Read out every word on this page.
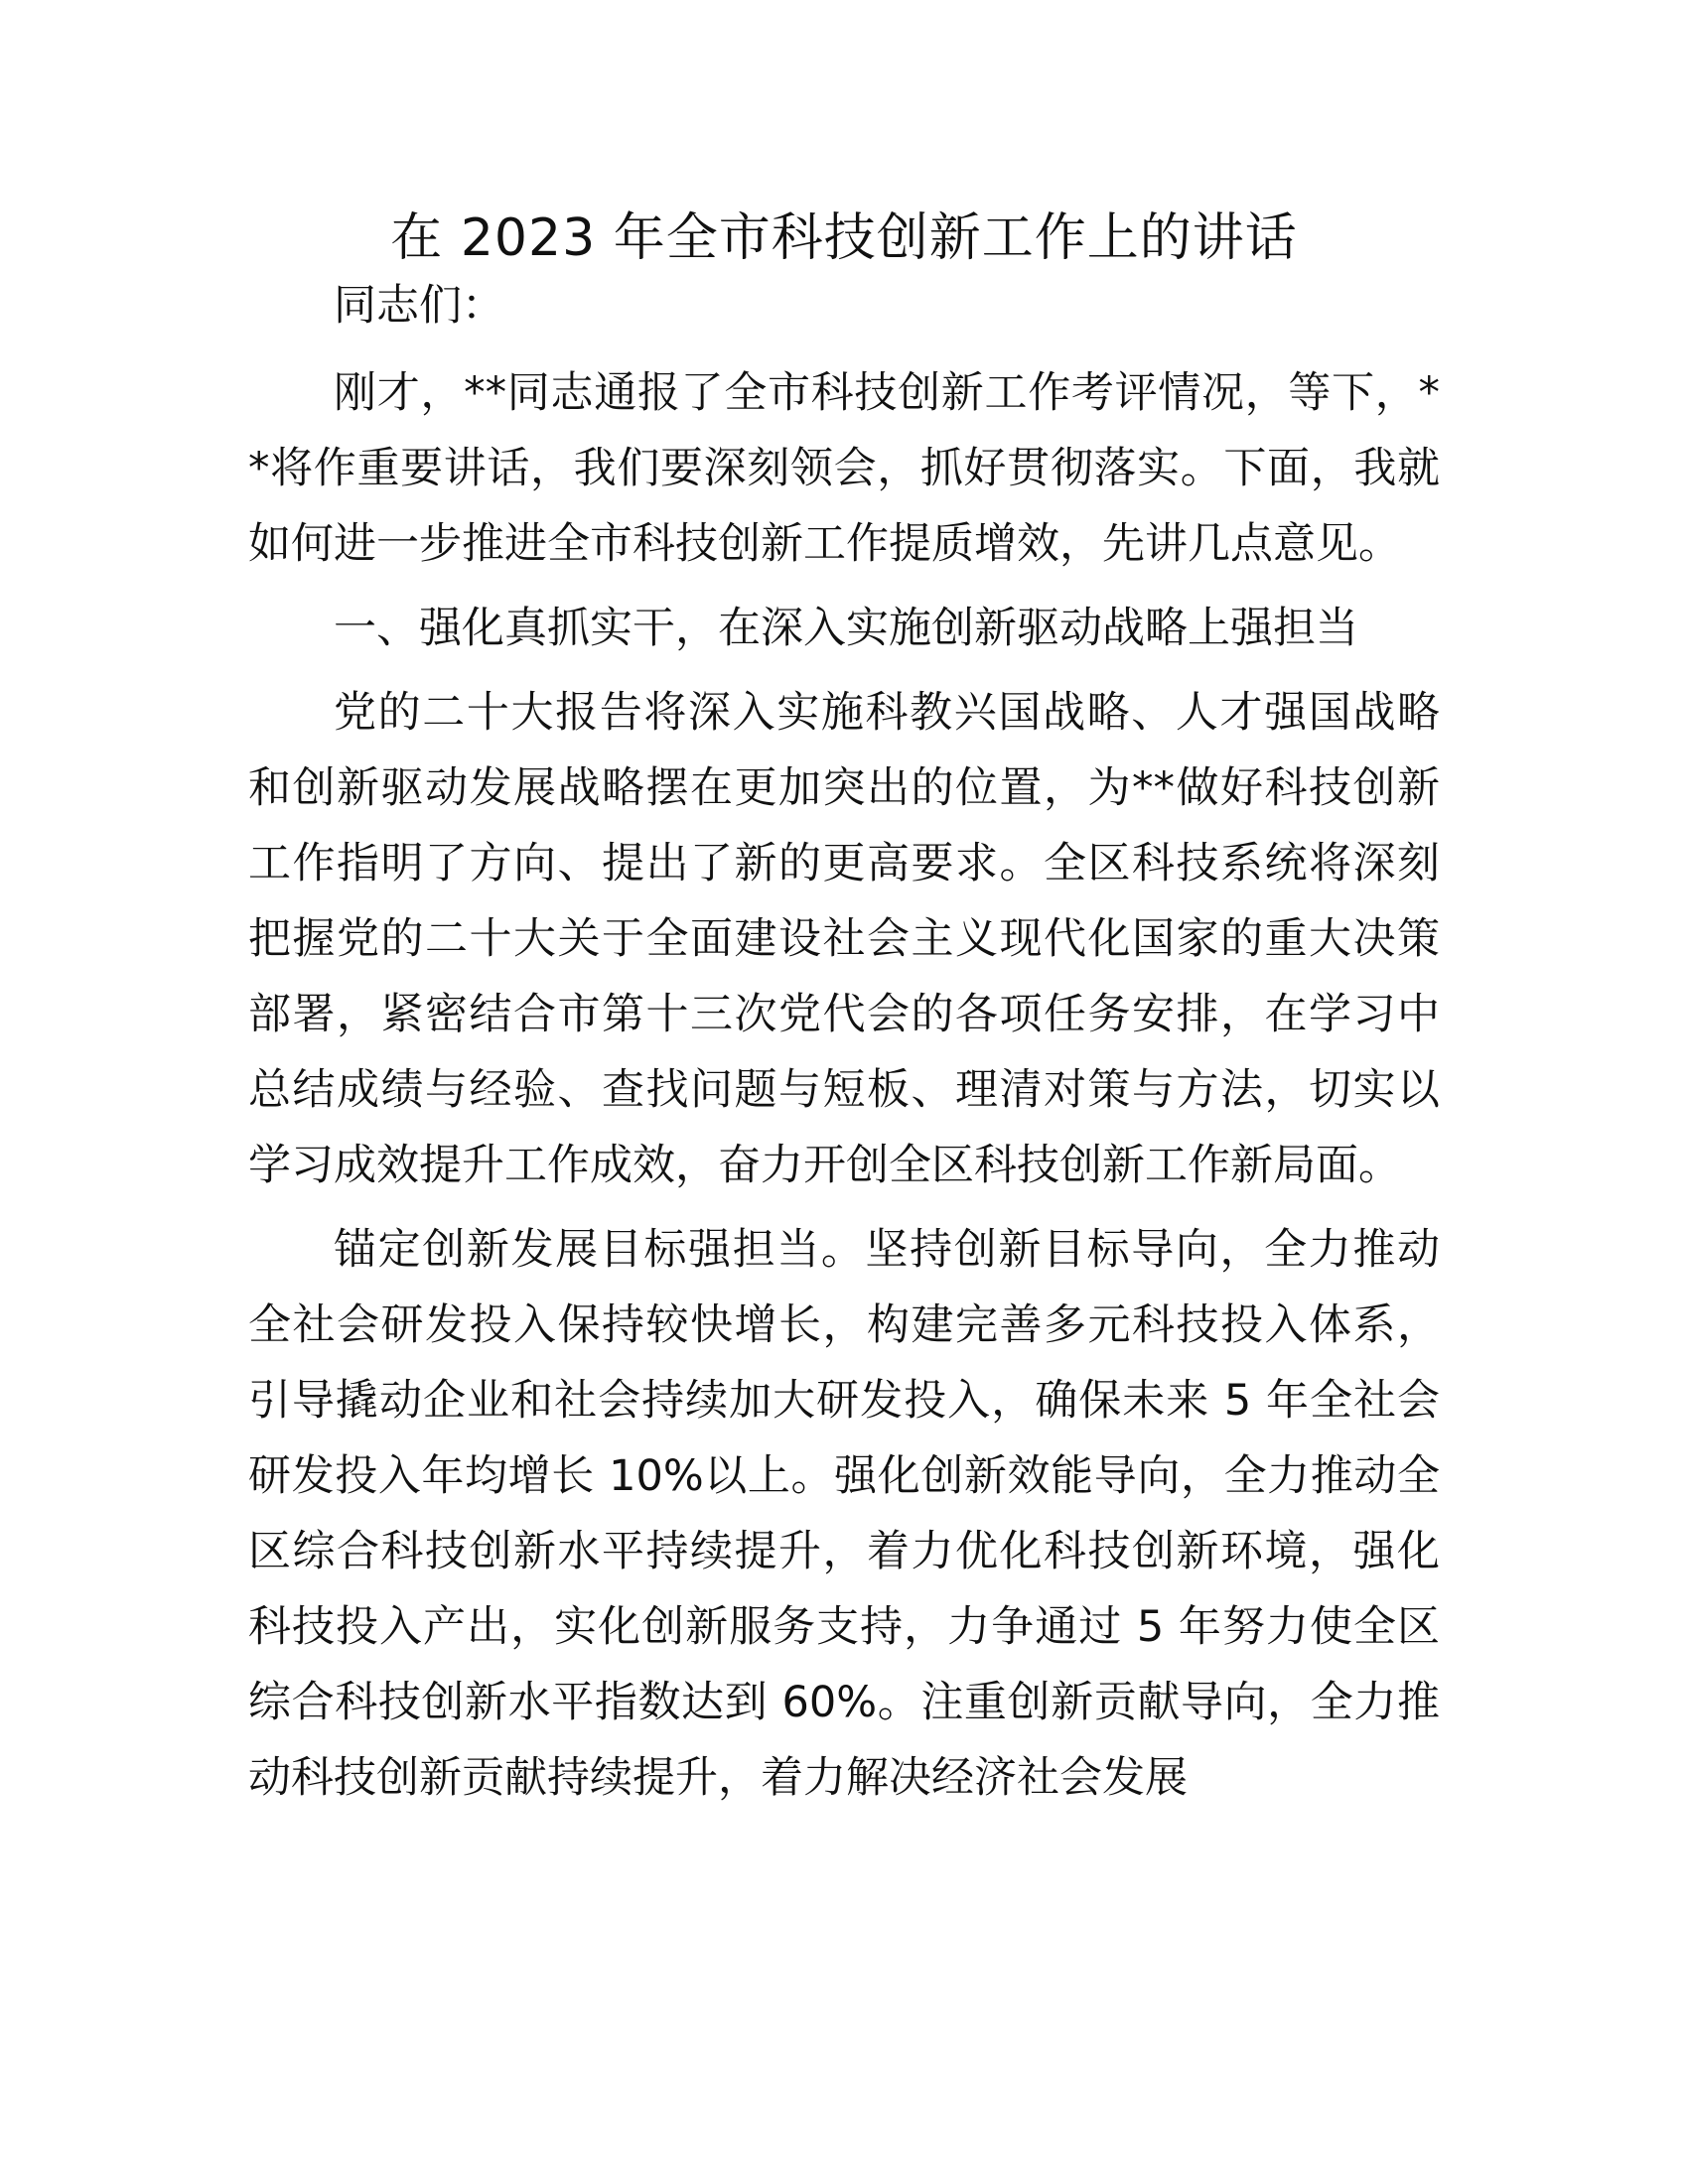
在 2023 年全市科技创新工作上的讲话

同志们：

刚才，**同志通报了全市科技创新工作考评情况，等下，**将作重要讲话，我们要深刻领会，抓好贯彻落实。下面，我就如何进一步推进全市科技创新工作提质增效，先讲几点意见。

一、强化真抓实干，在深入实施创新驱动战略上强担当

党的二十大报告将深入实施科教兴国战略、人才强国战略和创新驱动发展战略摆在更加突出的位置，为**做好科技创新工作指明了方向、提出了新的更高要求。全区科技系统将深刻把握党的二十大关于全面建设社会主义现代化国家的重大决策部署，紧密结合市第十三次党代会的各项任务安排，在学习中总结成绩与经验、查找问题与短板、理清对策与方法，切实以学习成效提升工作成效，奋力开创全区科技创新工作新局面。

锚定创新发展目标强担当。坚持创新目标导向，全力推动全社会研发投入保持较快增长，构建完善多元科技投入体系，引导撬动企业和社会持续加大研发投入，确保未来 5 年全社会研发投入年均增长 10%以上。强化创新效能导向，全力推动全区综合科技创新水平持续提升，着力优化科技创新环境，强化科技投入产出，实化创新服务支持，力争通过 5 年努力使全区综合科技创新水平指数达到 60%。注重创新贡献导向，全力推动科技创新贡献持续提升，着力解决经济社会发展
